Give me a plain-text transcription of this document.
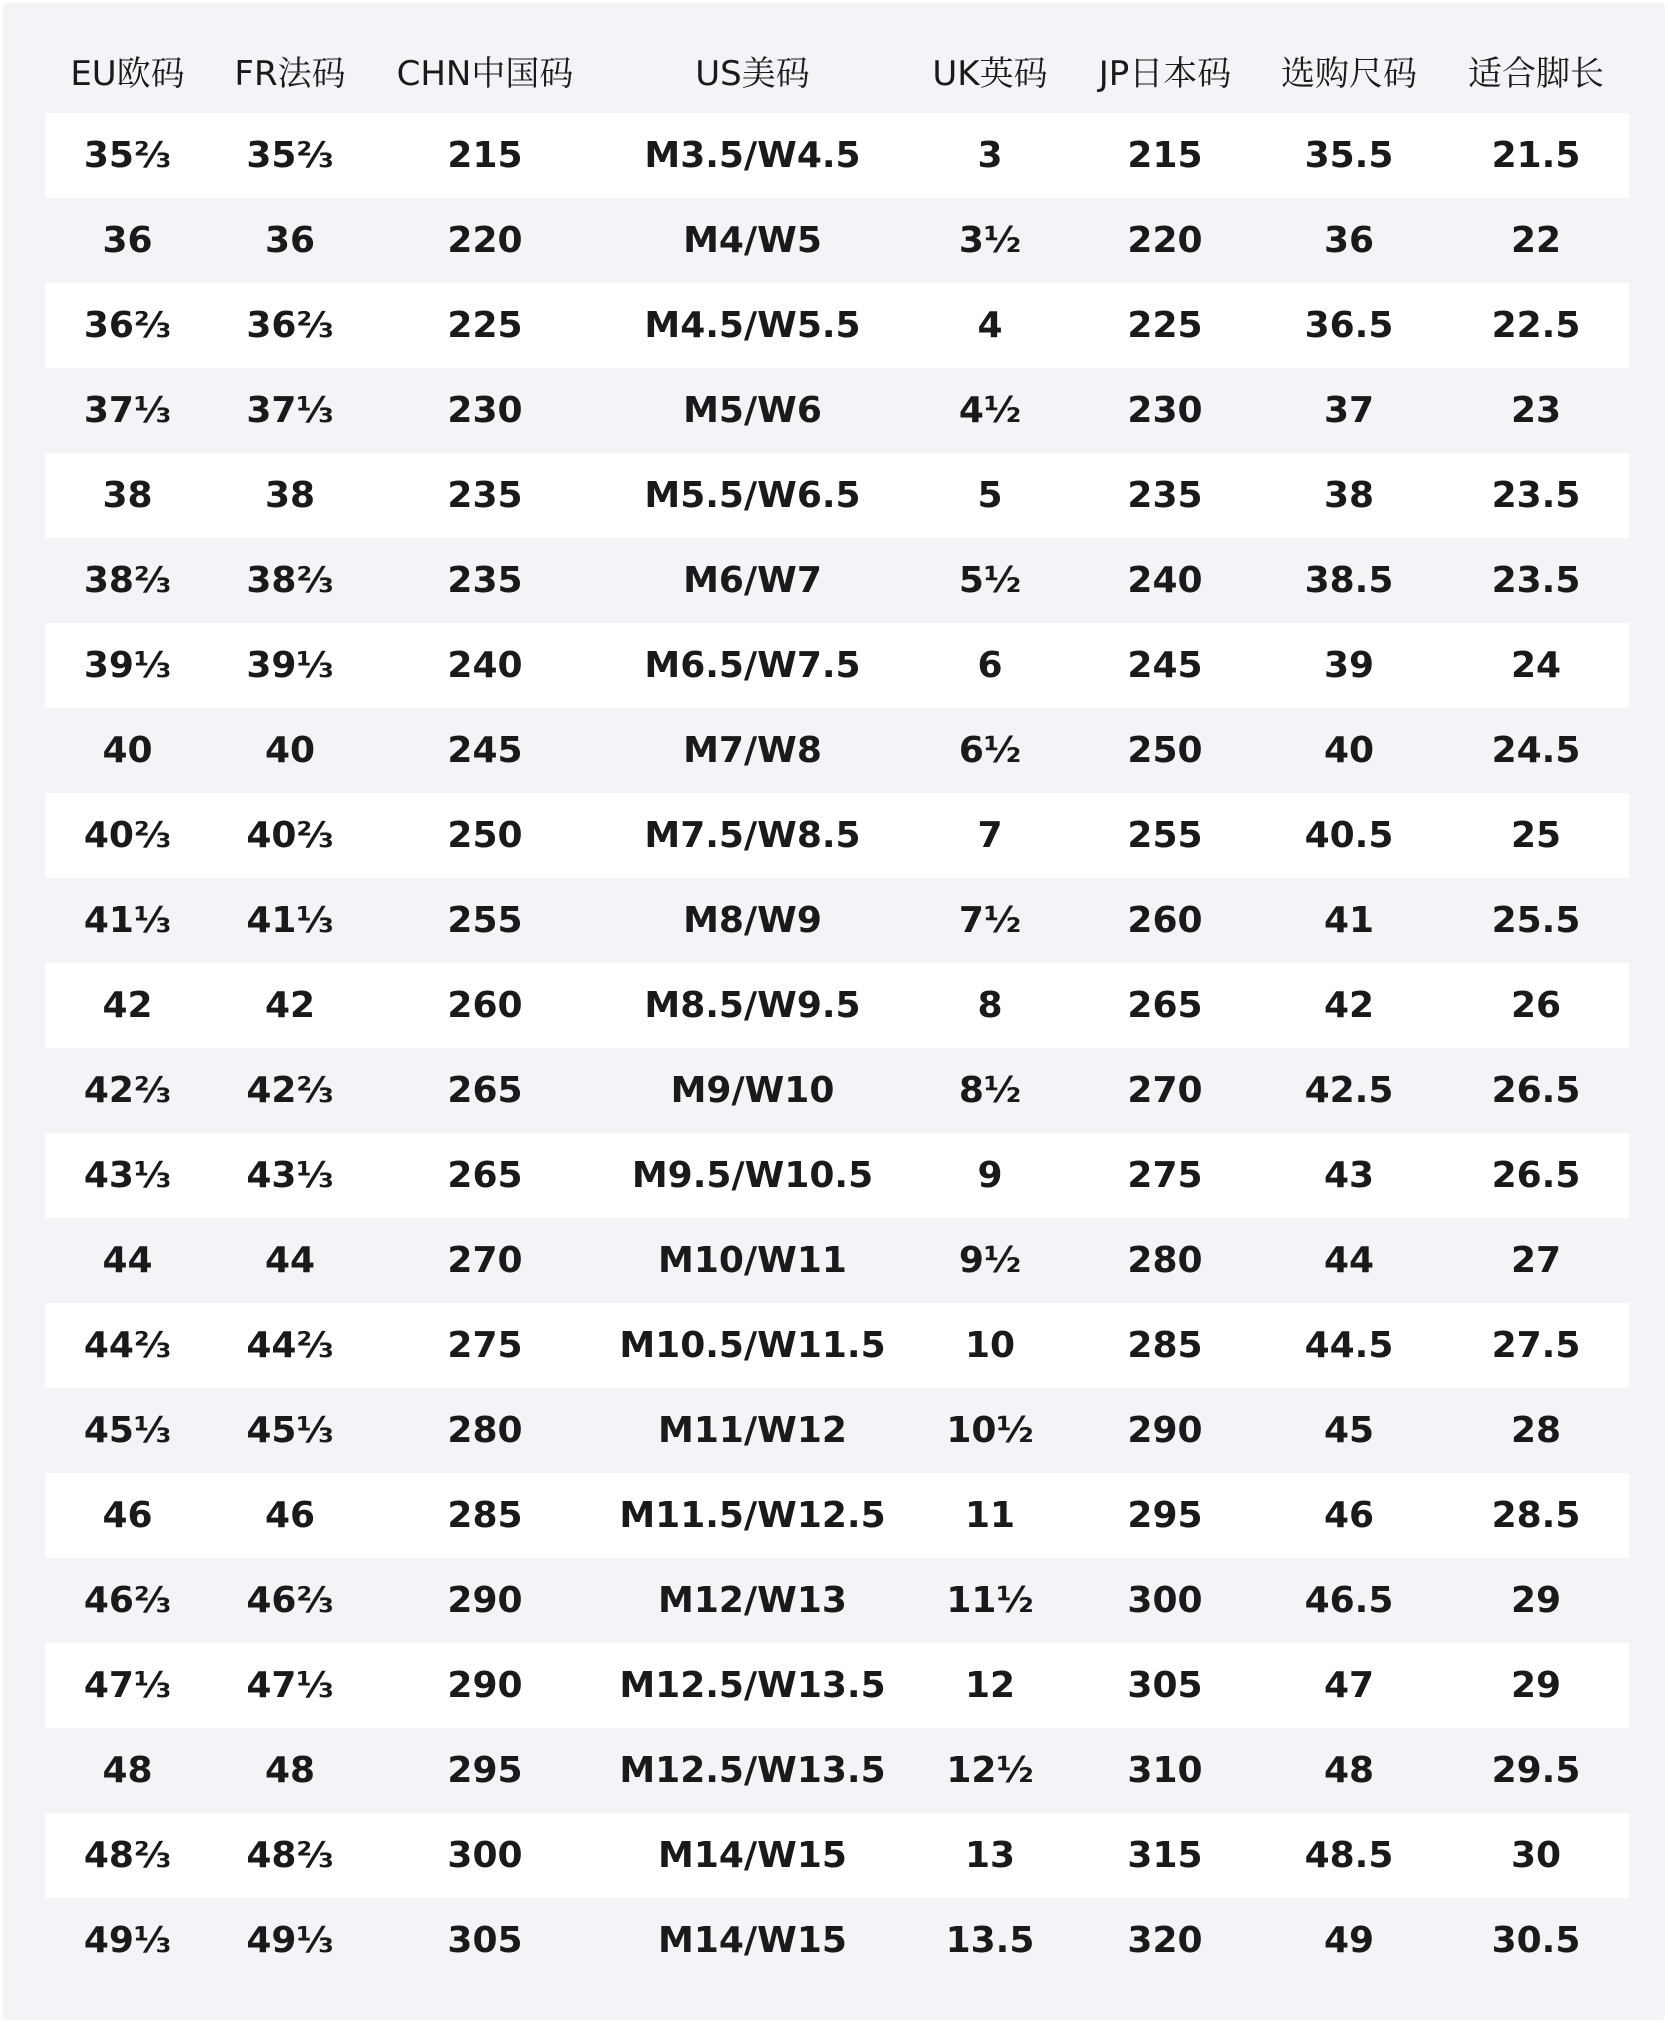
EU欧码	FR法码	CHN中国码	US美码	UK英码	JP日本码	选购尺码	适合脚长
35⅔	35⅔	215	M3.5/W4.5	3	215	35.5	21.5
36	36	220	M4/W5	3½	220	36	22
36⅔	36⅔	225	M4.5/W5.5	4	225	36.5	22.5
37⅓	37⅓	230	M5/W6	4½	230	37	23
38	38	235	M5.5/W6.5	5	235	38	23.5
38⅔	38⅔	235	M6/W7	5½	240	38.5	23.5
39⅓	39⅓	240	M6.5/W7.5	6	245	39	24
40	40	245	M7/W8	6½	250	40	24.5
40⅔	40⅔	250	M7.5/W8.5	7	255	40.5	25
41⅓	41⅓	255	M8/W9	7½	260	41	25.5
42	42	260	M8.5/W9.5	8	265	42	26
42⅔	42⅔	265	M9/W10	8½	270	42.5	26.5
43⅓	43⅓	265	M9.5/W10.5	9	275	43	26.5
44	44	270	M10/W11	9½	280	44	27
44⅔	44⅔	275	M10.5/W11.5	10	285	44.5	27.5
45⅓	45⅓	280	M11/W12	10½	290	45	28
46	46	285	M11.5/W12.5	11	295	46	28.5
46⅔	46⅔	290	M12/W13	11½	300	46.5	29
47⅓	47⅓	290	M12.5/W13.5	12	305	47	29
48	48	295	M12.5/W13.5	12½	310	48	29.5
48⅔	48⅔	300	M14/W15	13	315	48.5	30
49⅓	49⅓	305	M14/W15	13.5	320	49	30.5
